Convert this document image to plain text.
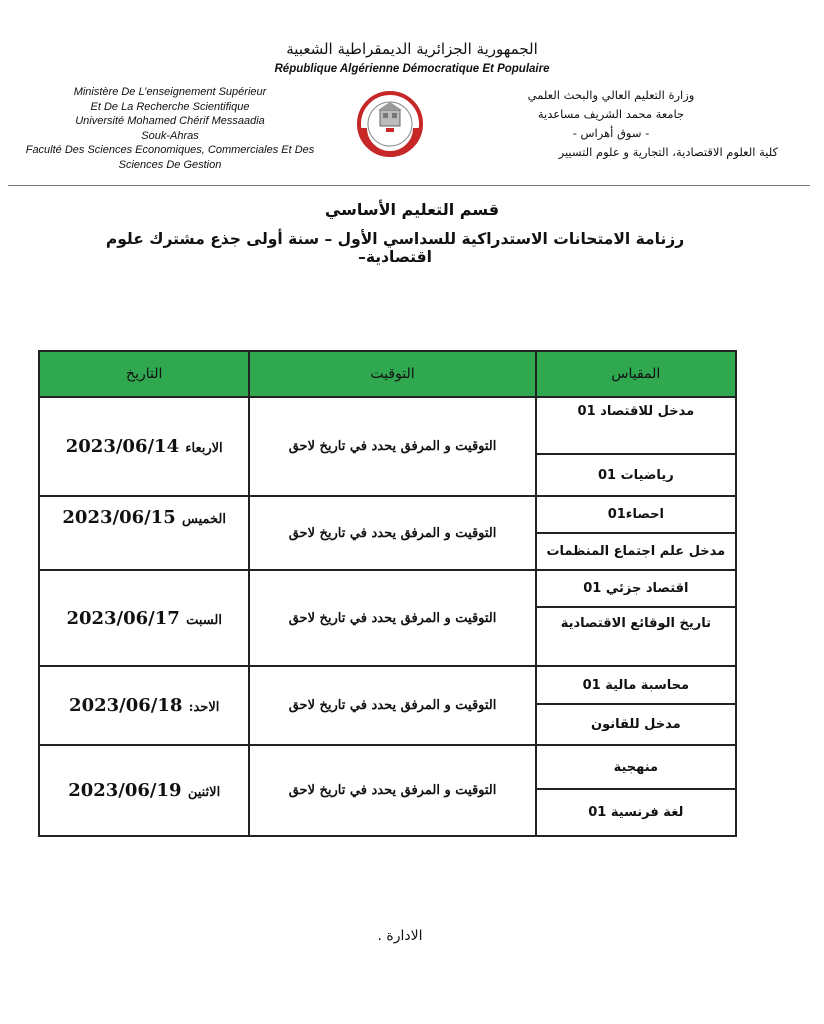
الجمهورية الجزائرية الديمقراطية الشعبية
République Algérienne Démocratique Et Populaire
Ministère De L’enseignement Supérieur
Et De La Recherche Scientifique
Université Mohamed Chérif Messaadia
Souk-Ahras
Faculté Des Sciences Economiques, Commerciales Et Des Sciences De Gestion
وزارة التعليم العالي والبحث العلمي
جامعة محمد الشريف مساعدية
- سوق أهراس -
كلية العلوم الاقتصادية، التجارية و علوم التسيير
قسم التعليم الأساسي
رزنامة الامتحانات الاستدراكية للسداسي الأول – سنة أولى جذع مشترك علوم اقتصادية–
التاريخ	التوقيت	المقياس
الاربعاء 2023/06/14	التوقيت و المرفق يحدد في تاريخ لاحق	مدخل للاقتصاد 01
		رياضيات 01
الخميس 2023/06/15	التوقيت و المرفق يحدد في تاريخ لاحق	احصاء01
		مدخل علم اجتماع المنظمات
السبت 2023/06/17	التوقيت و المرفق يحدد في تاريخ لاحق	اقتصاد جزئي 01
		تاريخ الوقائع الاقتصادية
الاحد: 2023/06/18	التوقيت و المرفق يحدد في تاريخ لاحق	محاسبة مالية 01
		مدخل للقانون
الاثنين 2023/06/19	التوقيت و المرفق يحدد في تاريخ لاحق	منهجية
		لغة فرنسية 01
الادارة .
